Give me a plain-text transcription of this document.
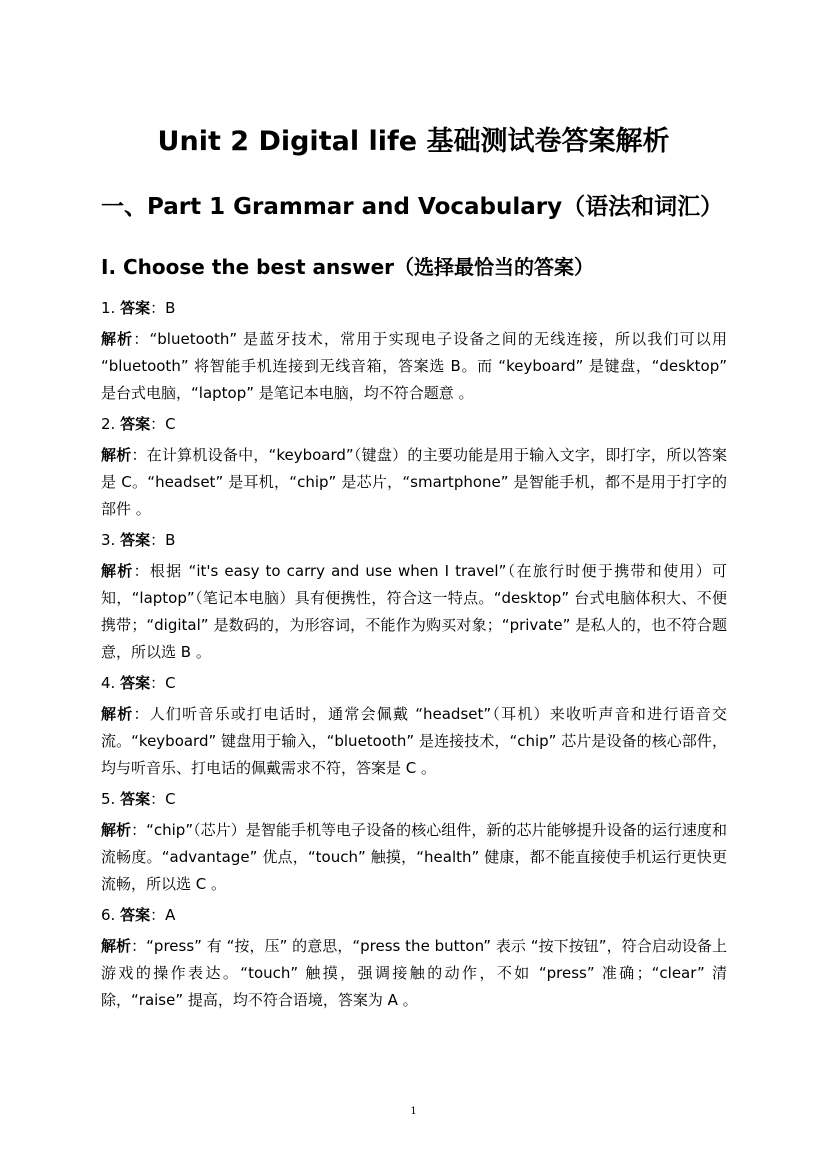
Unit 2 Digital life 基础测试卷答案解析
一、Part 1 Grammar and Vocabulary（语法和词汇）
I. Choose the best answer（选择最恰当的答案）
1. 答案：B
解析：“bluetooth” 是蓝牙技术，常用于实现电子设备之间的无线连接，所以我们可以用 “bluetooth” 将智能手机连接到无线音箱，答案选 B。而 “keyboard” 是键盘，“desktop” 是台式电脑，“laptop” 是笔记本电脑，均不符合题意 。
2. 答案：C
解析：在计算机设备中，“keyboard”（键盘）的主要功能是用于输入文字，即打字，所以答案是 C。“headset” 是耳机，“chip” 是芯片，“smartphone” 是智能手机，都不是用于打字的部件 。
3. 答案：B
解析：根据 “it's easy to carry and use when I travel”（在旅行时便于携带和使用）可知，“laptop”（笔记本电脑）具有便携性，符合这一特点。“desktop” 台式电脑体积大、不便携带；“digital” 是数码的，为形容词，不能作为购买对象；“private” 是私人的，也不符合题意，所以选 B 。
4. 答案：C
解析：人们听音乐或打电话时，通常会佩戴 “headset”（耳机）来收听声音和进行语音交流。“keyboard” 键盘用于输入，“bluetooth” 是连接技术，“chip” 芯片是设备的核心部件，均与听音乐、打电话的佩戴需求不符，答案是 C 。
5. 答案：C
解析：“chip”（芯片）是智能手机等电子设备的核心组件，新的芯片能够提升设备的运行速度和流畅度。“advantage” 优点，“touch” 触摸，“health” 健康，都不能直接使手机运行更快更流畅，所以选 C 。
6. 答案：A
解析：“press” 有 “按，压” 的意思，“press the button” 表示 “按下按钮”，符合启动设备上游戏的操作表达。“touch” 触摸，强调接触的动作，不如 “press” 准确；“clear” 清除，“raise” 提高，均不符合语境，答案为 A 。
1
